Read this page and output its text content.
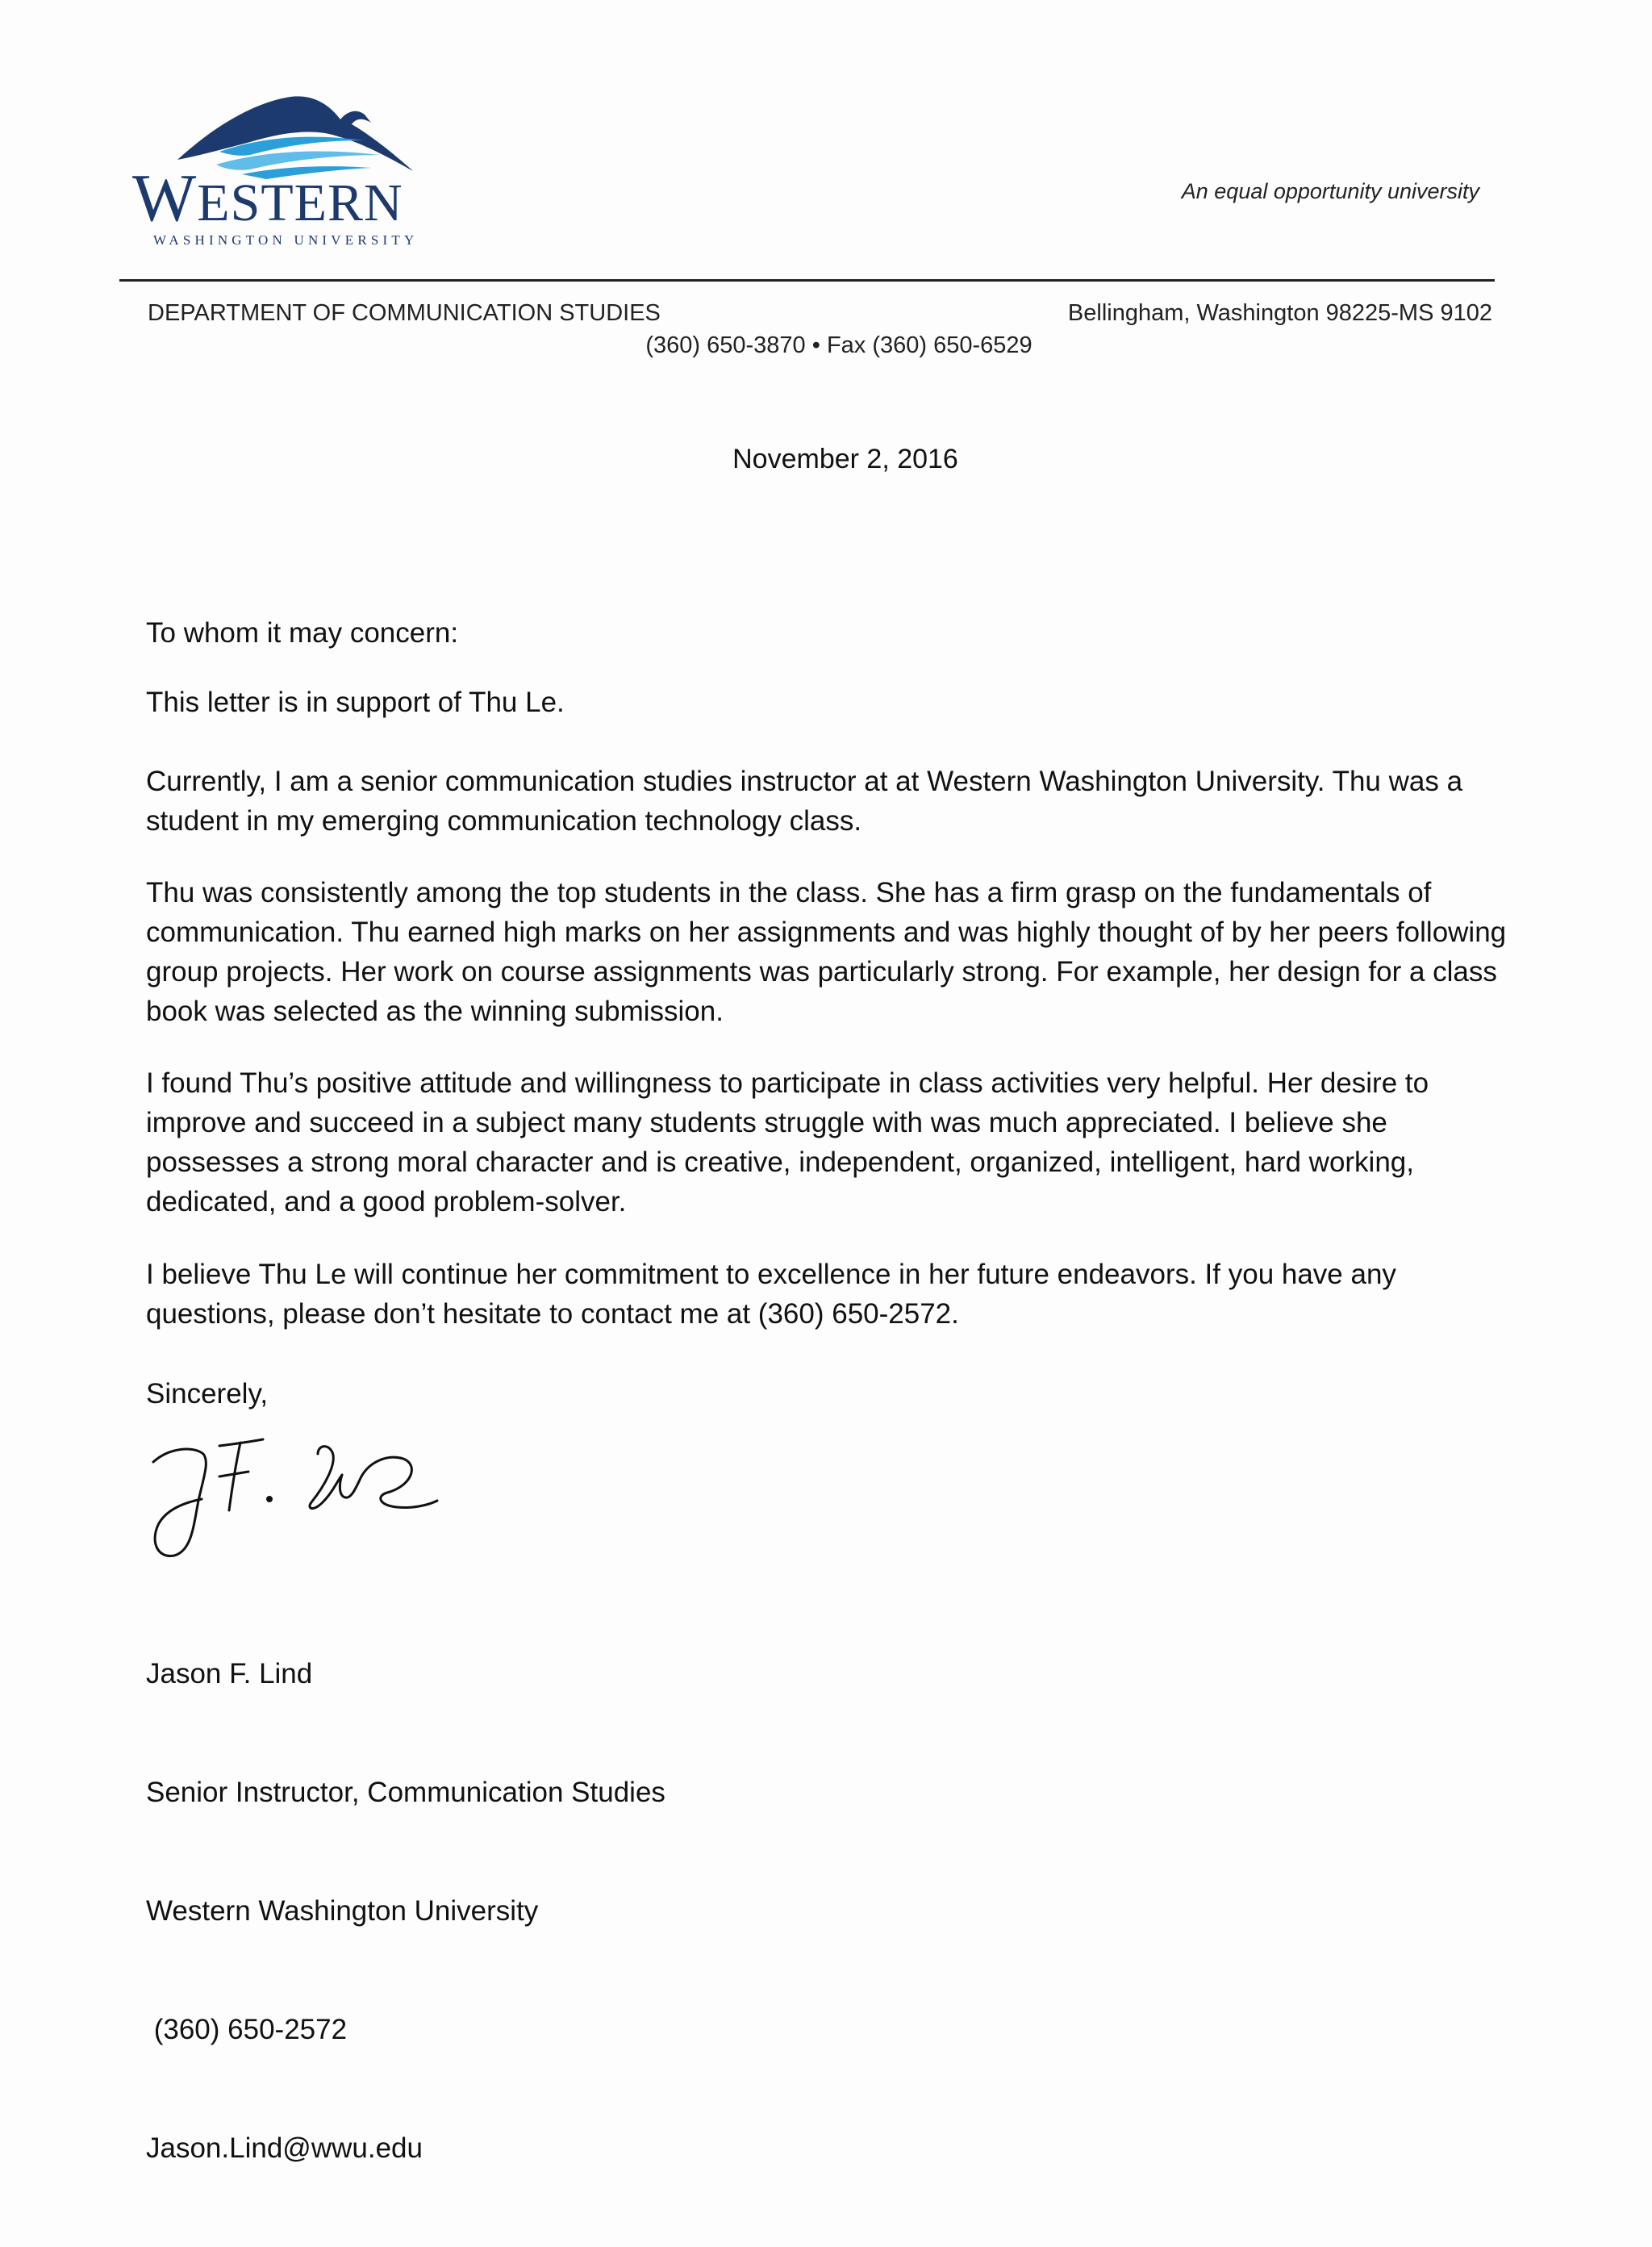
WESTERN
WASHINGTON UNIVERSITY
An equal opportunity university
DEPARTMENT OF COMMUNICATION STUDIES	Bellingham, Washington 98225-MS 9102
(360) 650-3870 • Fax (360) 650-6529
November 2, 2016
To whom it may concern:
This letter is in support of Thu Le.
Currently, I am a senior communication studies instructor at at Western Washington University. Thu was a student in my emerging communication technology class.
Thu was consistently among the top students in the class. She has a firm grasp on the fundamentals of communication. Thu earned high marks on her assignments and was highly thought of by her peers following group projects. Her work on course assignments was particularly strong. For example, her design for a class book was selected as the winning submission.
I found Thu’s positive attitude and willingness to participate in class activities very helpful. Her desire to improve and succeed in a subject many students struggle with was much appreciated. I believe she possesses a strong moral character and is creative, independent, organized, intelligent, hard working, dedicated, and a good problem-solver.
I believe Thu Le will continue her commitment to excellence in her future endeavors. If you have any questions, please don’t hesitate to contact me at (360) 650-2572.
Sincerely,

Jason F. Lind

Senior Instructor, Communication Studies

Western Washington University

(360) 650-2572

Jason.Lind@wwu.edu
